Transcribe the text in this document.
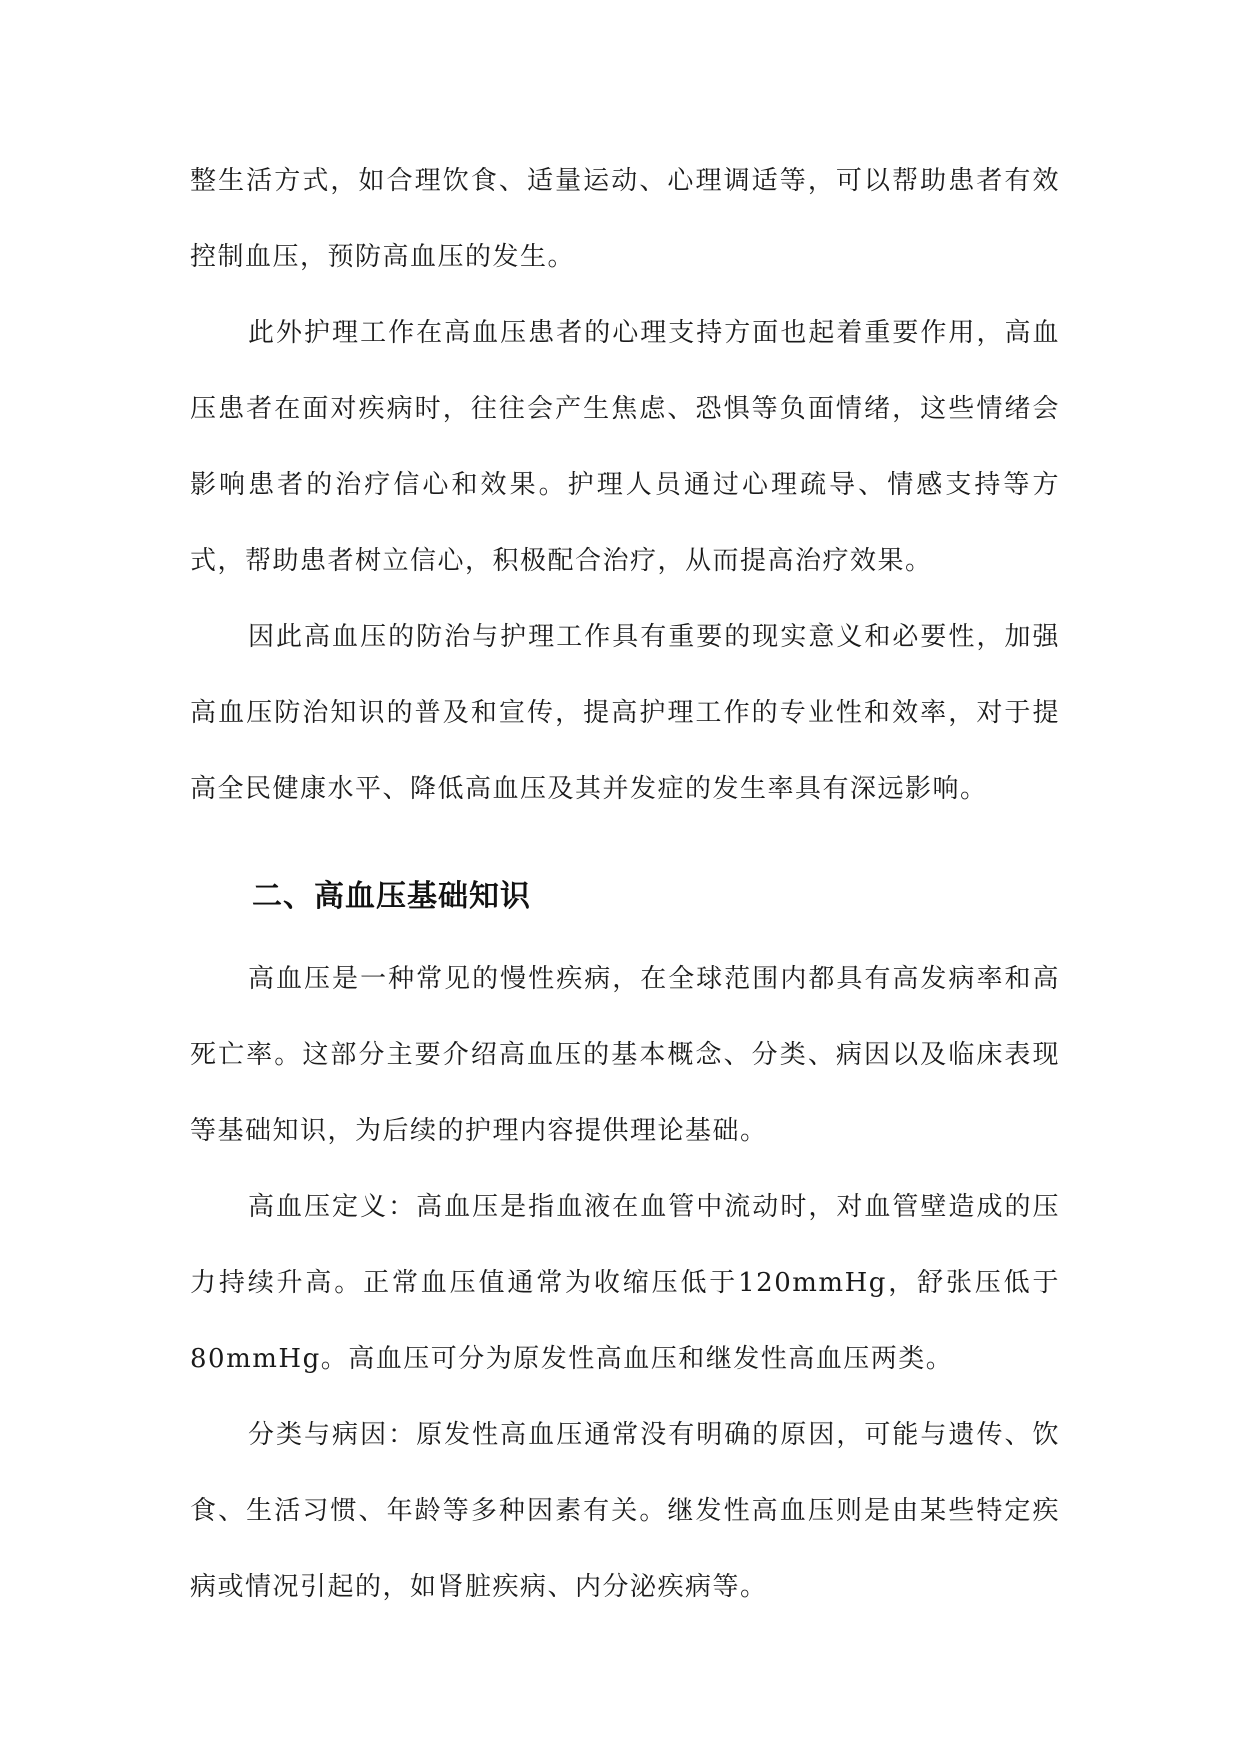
整生活方式，如合理饮食、适量运动、心理调适等，可以帮助患者有效控制血压，预防高血压的发生。

此外护理工作在高血压患者的心理支持方面也起着重要作用，高血压患者在面对疾病时，往往会产生焦虑、恐惧等负面情绪，这些情绪会影响患者的治疗信心和效果。护理人员通过心理疏导、情感支持等方式，帮助患者树立信心，积极配合治疗，从而提高治疗效果。

因此高血压的防治与护理工作具有重要的现实意义和必要性，加强高血压防治知识的普及和宣传，提高护理工作的专业性和效率，对于提高全民健康水平、降低高血压及其并发症的发生率具有深远影响。

二、高血压基础知识

高血压是一种常见的慢性疾病，在全球范围内都具有高发病率和高死亡率。这部分主要介绍高血压的基本概念、分类、病因以及临床表现等基础知识，为后续的护理内容提供理论基础。

高血压定义：高血压是指血液在血管中流动时，对血管壁造成的压力持续升高。正常血压值通常为收缩压低于120mmHg，舒张压低于80mmHg。高血压可分为原发性高血压和继发性高血压两类。

分类与病因：原发性高血压通常没有明确的原因，可能与遗传、饮食、生活习惯、年龄等多种因素有关。继发性高血压则是由某些特定疾病或情况引起的，如肾脏疾病、内分泌疾病等。
